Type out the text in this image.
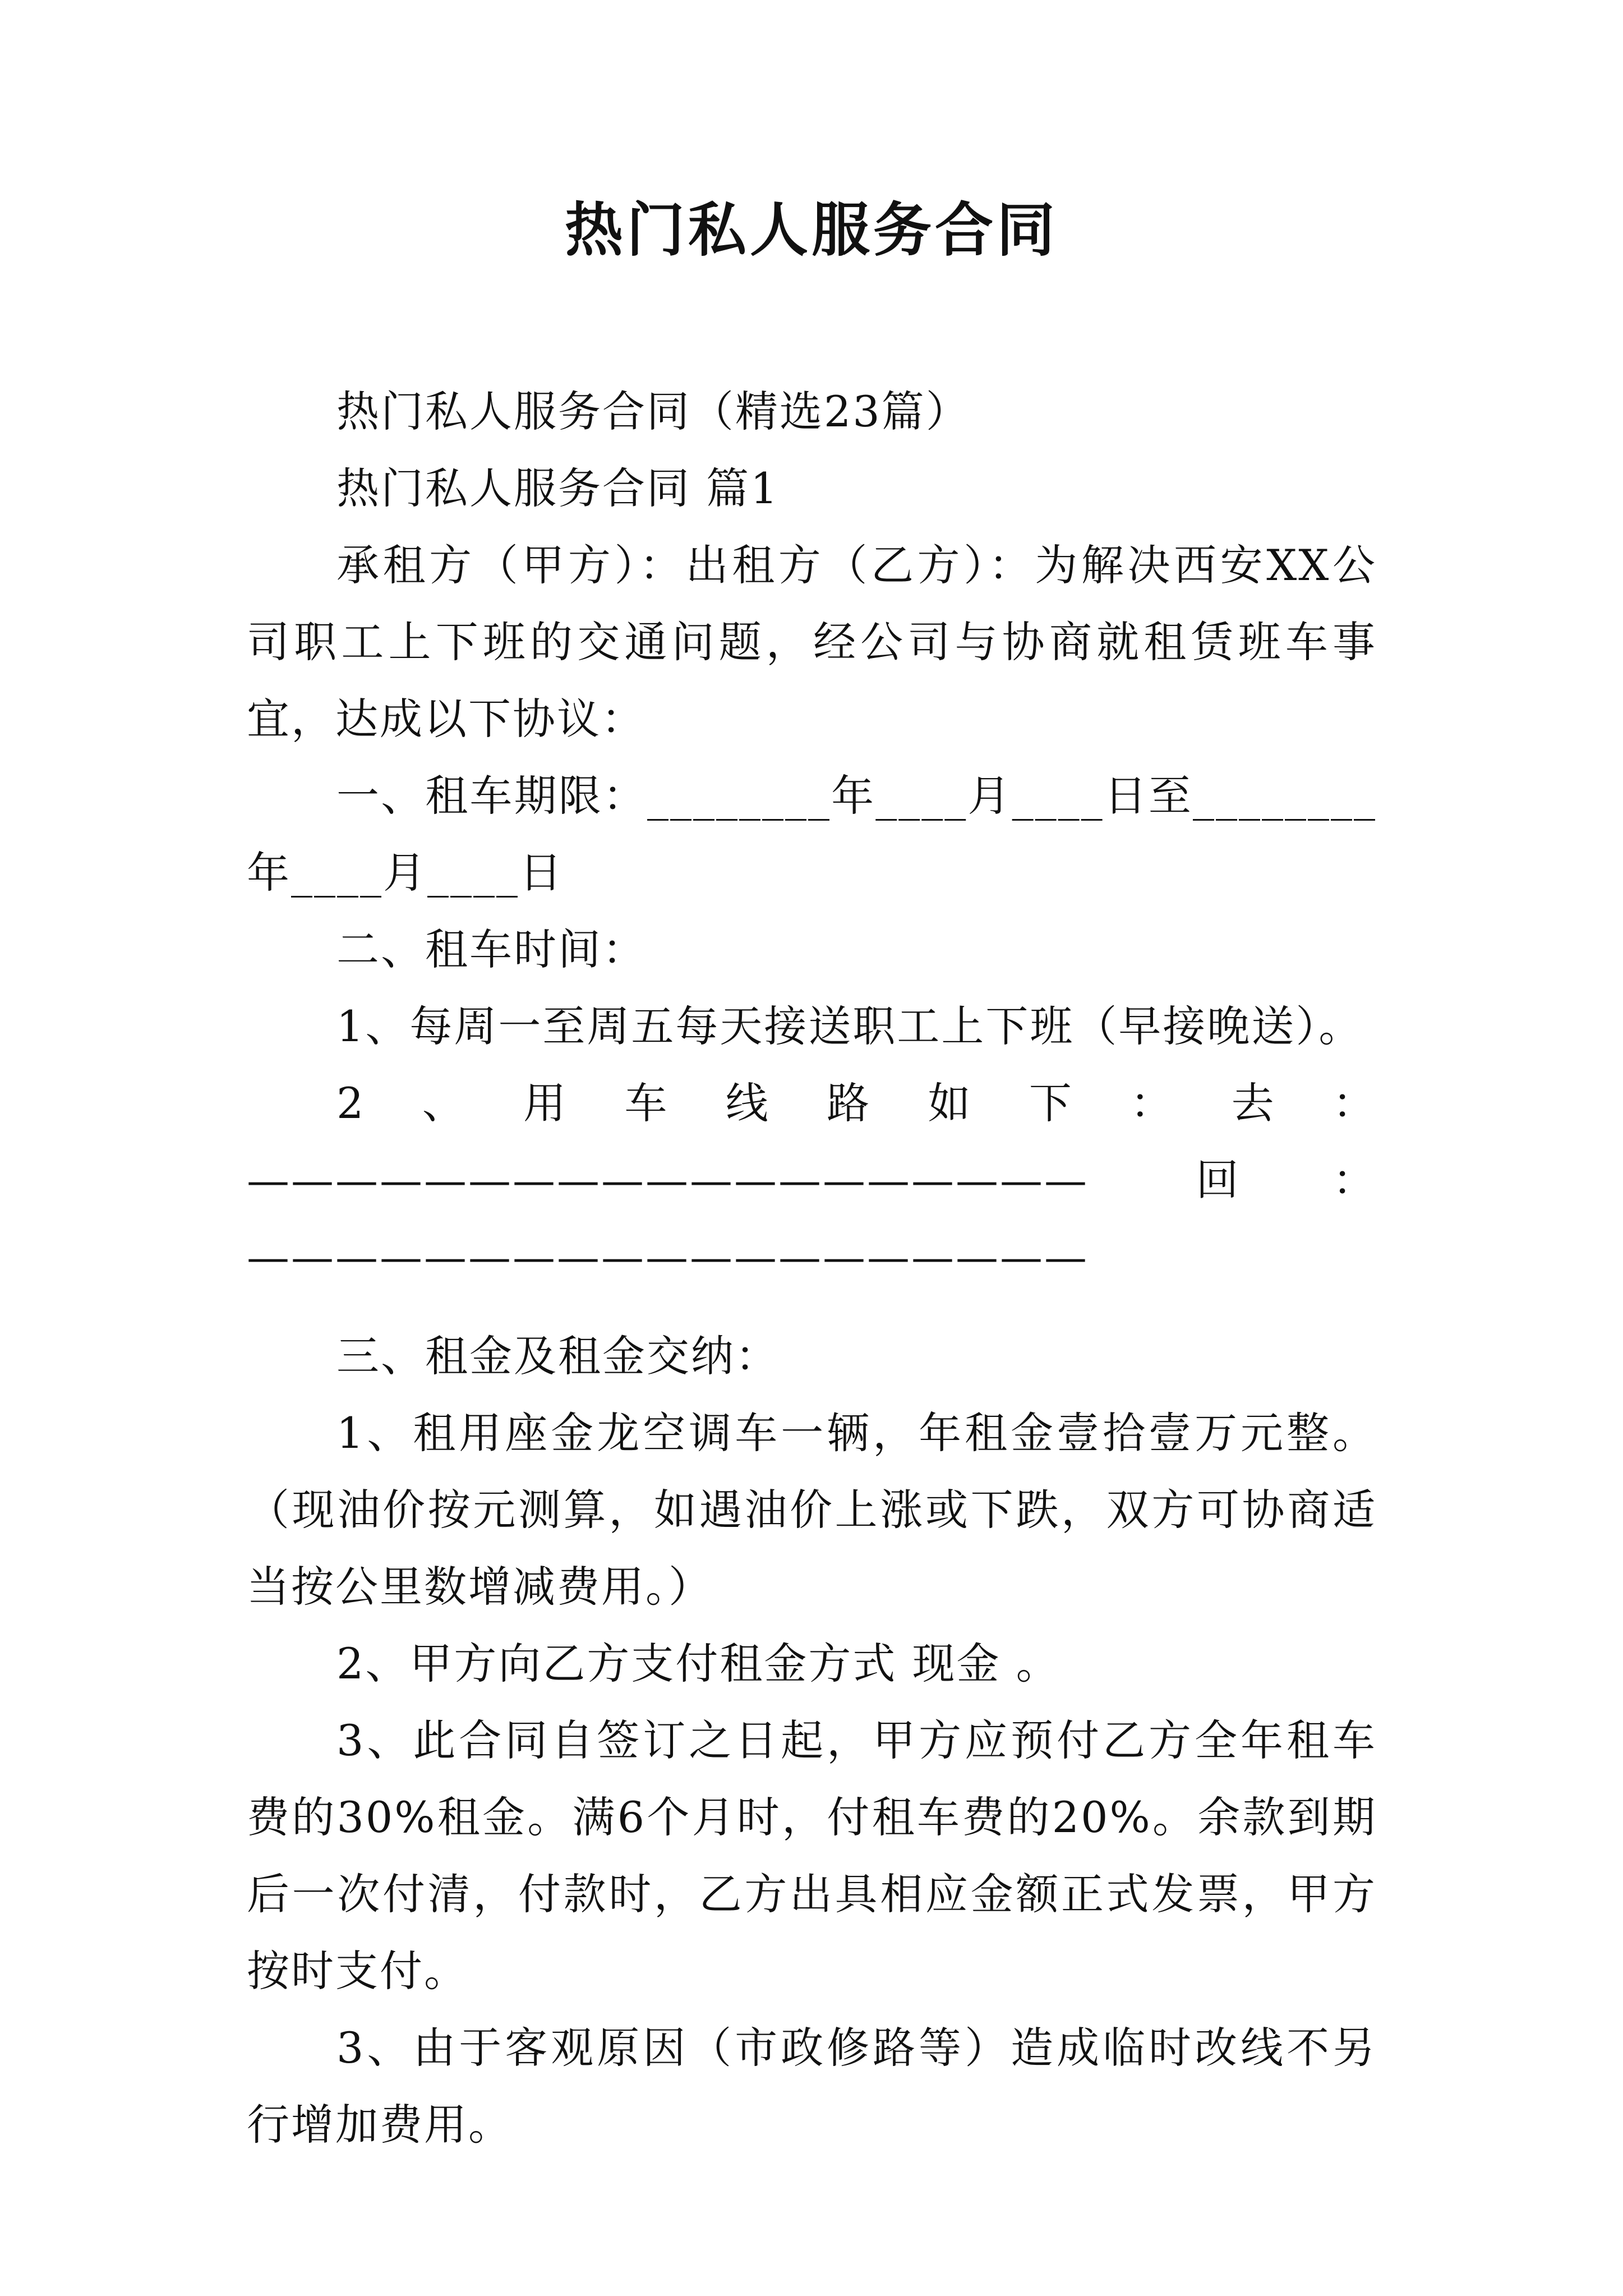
热门私人服务合同

热门私人服务合同（精选23篇）

热门私人服务合同 篇1

承租方（甲方）：出租方（乙方）：为解决西安XX公司职工上下班的交通问题，经公司与协商就租赁班车事宜，达成以下协议：

一、租车期限：________年____月____日至________年____月____日

二、租车时间：

1、每周一至周五每天接送职工上下班（早接晚送）。

2、用车线路如下：去：——————————————————— 回：———————————————————

三、租金及租金交纳：

1、租用座金龙空调车一辆，年租金壹拾壹万元整。（现油价按元测算，如遇油价上涨或下跌，双方可协商适当按公里数增减费用。）

2、甲方向乙方支付租金方式 现金 。

3、此合同自签订之日起，甲方应预付乙方全年租车费的30%租金。满6个月时，付租车费的20%。余款到期后一次付清，付款时，乙方出具相应金额正式发票，甲方按时支付。

3、由于客观原因（市政修路等）造成临时改线不另行增加费用。
